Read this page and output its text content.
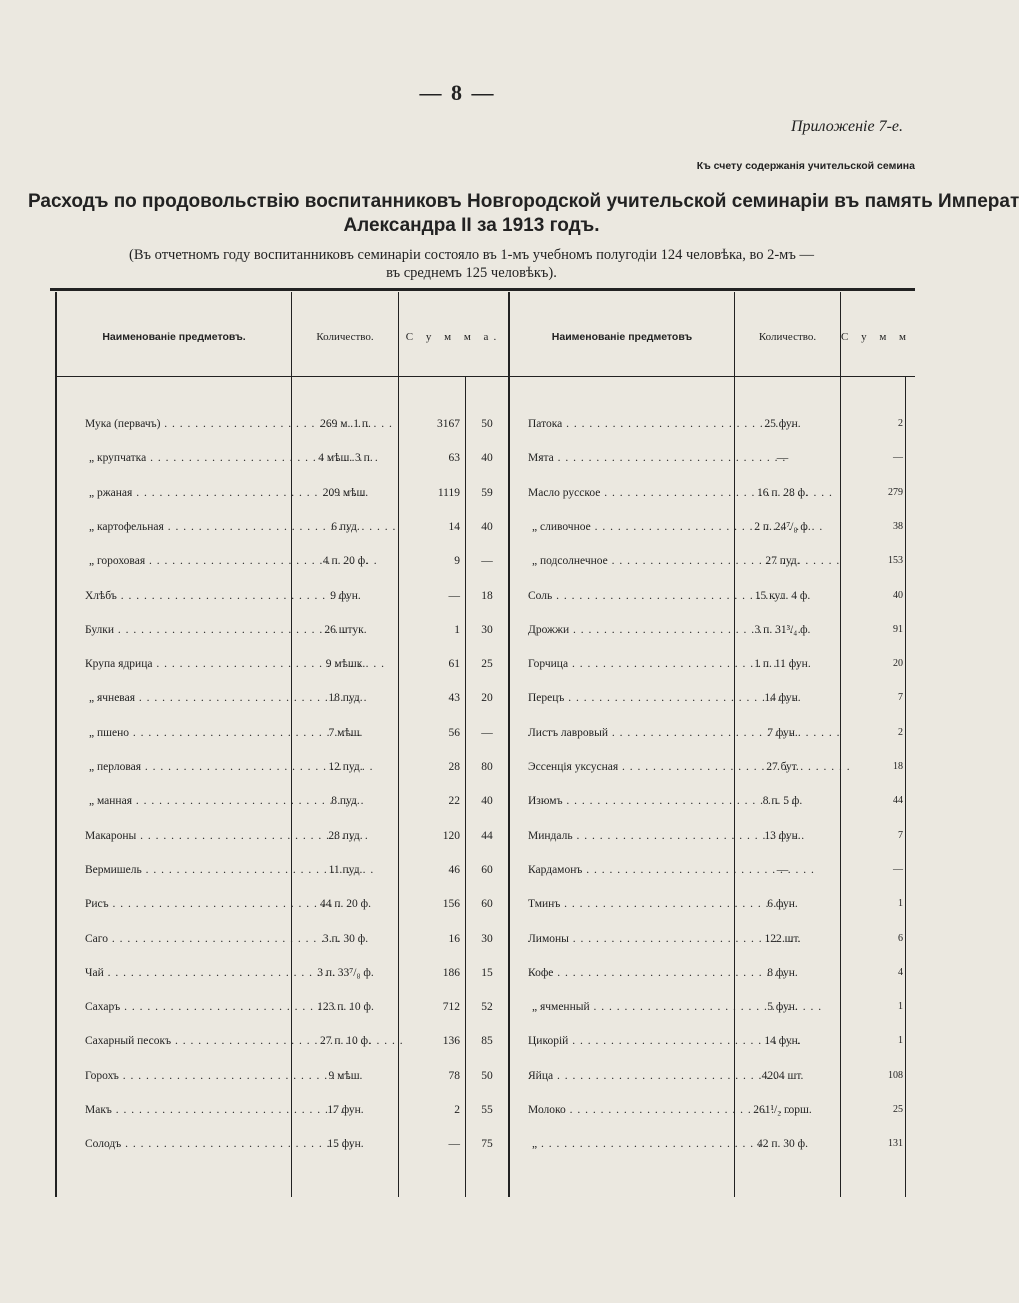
— 8 —
Приложеніе 7-е.
Къ счету содержанія учительской семина
Расходъ по продовольствію воспитанниковъ Новгородской учительской семинаріи въ память Императ
Александра II за 1913 годъ.
(Въ отчетномъ году воспитанниковъ семинаріи состояло въ 1-мъ учебномъ полугодіи 124 человѣка, во 2-мъ —
въ среднемъ 125 человѣкъ).
Наименованіе предметовъ.	Количество.	С у м м а.	Наименованіе предметовъ	Количество.	С у м м
Мука (первачъ) . . .	269 м. 1 п.	3167	50	Патока . . .	25 фун.	2
„ крупчатка . . .	4 мѣш. 3 п.	63	40	Мята . . .	—	—
„ ржаная . . .	209 мѣш.	1119	59	Масло русское . . .	16 п. 28 ф.	279
„ картофельная . . .	6 пуд.	14	40	„ сливочное . . .	2 п. 24⁷/₈ ф.	38
„ гороховая . . .	4 п. 20 ф.	9	—	„ подсолнечное . . .	27 пуд.	153
Хлѣбъ . . .	9 фун.	—	18	Соль . . .	15 кул. 4 ф.	40
Булки . . .	26 штук.	1	30	Дрожжи . . .	3 п. 31³/₄ ф.	91
Крупа ядрица . . .	9 мѣшк.	61	25	Горчица . . .	1 п. 11 фун.	20
„ ячневая . . .	18 пуд.	43	20	Перецъ . . .	14 фун.	7
„ пшено . . .	7 мѣш.	56	—	Листъ лавровый . . .	7 фун.	2
„ перловая . . .	12 пуд.	28	80	Эссенція уксусная . . .	27 бут.	18
„ манная . . .	8 пуд.	22	40	Изюмъ . . .	8 п. 5 ф.	44
Макароны . . .	28 пуд.	120	44	Миндаль . . .	13 фун.	7
Вермишель . . .	11 пуд.	46	60	Кардамонъ . . .	—	—
Рисъ . . .	44 п. 20 ф.	156	60	Тминъ . . .	6 фун.	1
Саго . . .	3 п. 30 ф.	16	30	Лимоны . . .	122 шт.	6
Чай . . .	3 п. 33⁷/₈ ф.	186	15	Кофе . . .	8 фун.	4
Сахаръ . . .	123 п. 10 ф.	712	52	„ ячменный . . .	5 фун.	1
Сахарный песокъ . . .	27 п. 10 ф.	136	85	Цикорій . . .	14 фун.	1
Горохъ . . .	9 мѣш.	78	50	Яйца . . .	4204 шт.	108
Макъ . . .	17 фун.	2	55	Молоко . . .	261¹/₂ горш.	25
Солодъ . . .	15 фун.	—	75	„ . . .	42 п. 30 ф.	131
